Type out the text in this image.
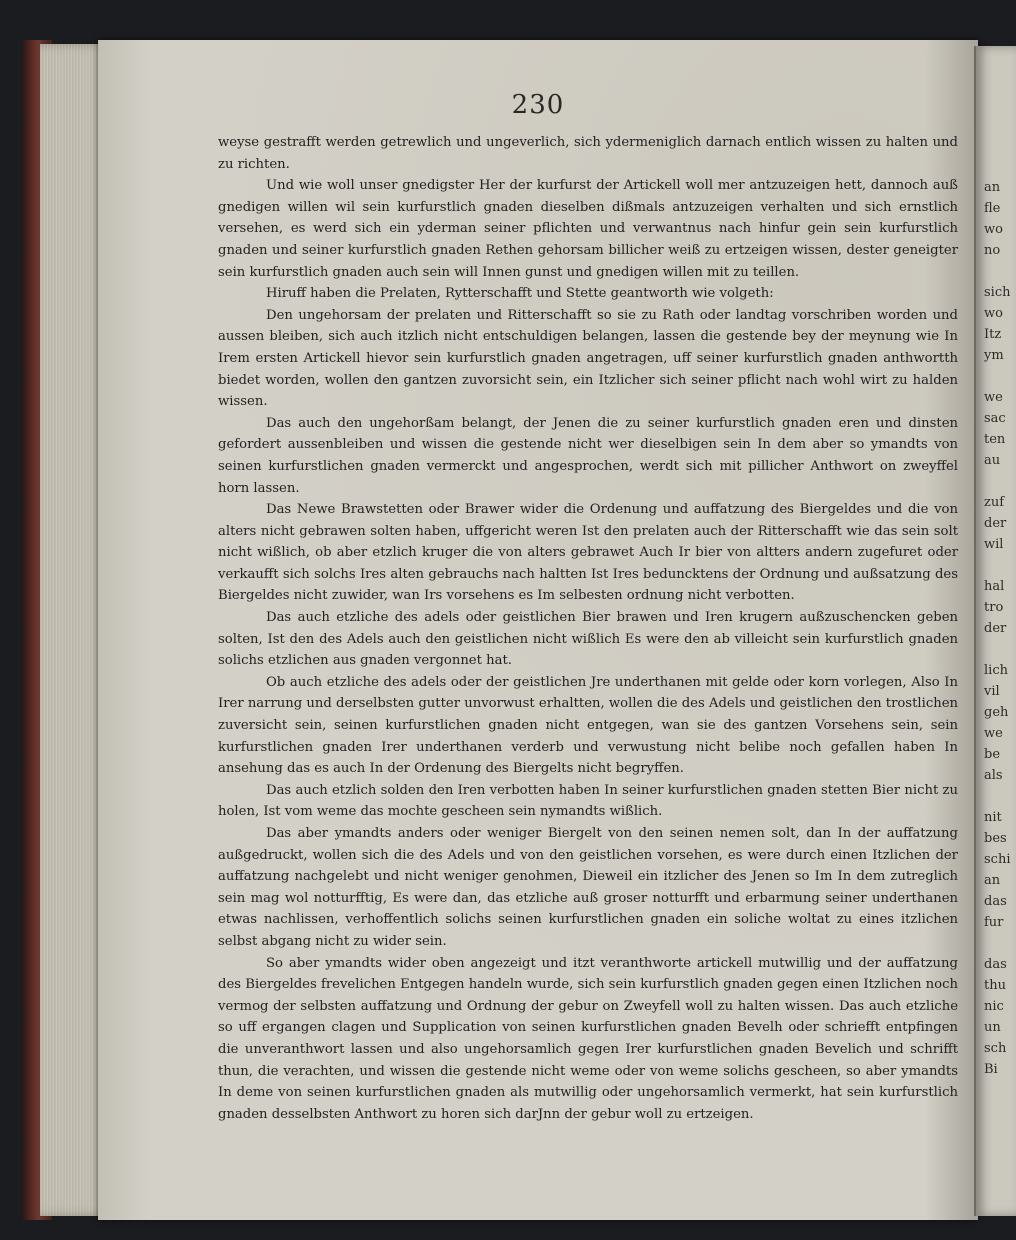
230

weyse gestrafft werden getrewlich und ungeverlich, sich ydermeniglich darnach entlich wissen zu halten und zu richten.

Und wie woll unser gnedigster Her der kurfurst der Artickell woll mer antzuzeigen hett, dannoch auß gnedigen willen wil sein kurfurstlich gnaden dieselben dißmals antzuzeigen verhalten und sich ernstlich versehen, es werd sich ein yderman seiner pflichten und verwantnus nach hinfur gein sein kurfurstlich gnaden und seiner kurfurstlich gnaden Rethen gehorsam billicher weiß zu ertzeigen wissen, dester geneigter sein kurfurstlich gnaden auch sein will Innen gunst und gnedigen willen mit zu teillen.

Hiruff haben die Prelaten, Rytterschafft und Stette geantworth wie volgeth:

Den ungehorsam der prelaten und Ritterschafft so sie zu Rath oder landtag vorschriben worden und aussen bleiben, sich auch itzlich nicht entschuldigen belangen, lassen die gestende bey der meynung wie In Irem ersten Artickell hievor sein kurfurstlich gnaden angetragen, uff seiner kurfurstlich gnaden anthwortth biedet worden, wollen den gantzen zuvorsicht sein, ein Itzlicher sich seiner pflicht nach wohl wirt zu halden wissen.

Das auch den ungehorßam belangt, der Jenen die zu seiner kurfurstlich gnaden eren und dinsten gefordert aussenbleiben und wissen die gestende nicht wer dieselbigen sein In dem aber so ymandts von seinen kurfurstlichen gnaden vermerckt und angesprochen, werdt sich mit pillicher Anthwort on zweyffel horn lassen.

Das Newe Brawstetten oder Brawer wider die Ordenung und auffatzung des Biergeldes und die von alters nicht gebrawen solten haben, uffgericht weren Ist den prelaten auch der Ritterschafft wie das sein solt nicht wißlich, ob aber etzlich kruger die von alters gebrawet Auch Ir bier von altters andern zugefuret oder verkaufft sich solchs Ires alten gebrauchs nach haltten Ist Ires beduncktens der Ordnung und außsatzung des Biergeldes nicht zuwider, wan Irs vorsehens es Im selbesten ordnung nicht verbotten.

Das auch etzliche des adels oder geistlichen Bier brawen und Iren krugern außzuschencken geben solten, Ist den des Adels auch den geistlichen nicht wißlich Es were den ab villeicht sein kurfurstlich gnaden solichs etzlichen aus gnaden vergonnet hat.

Ob auch etzliche des adels oder der geistlichen Jre underthanen mit gelde oder korn vorlegen, Also In Irer narrung und derselbsten gutter unvorwust erhaltten, wollen die des Adels und geistlichen den trostlichen zuversicht sein, seinen kurfurstlichen gnaden nicht entgegen, wan sie des gantzen Vorsehens sein, sein kurfurstlichen gnaden Irer underthanen verderb und verwustung nicht belibe noch gefallen haben In ansehung das es auch In der Ordenung des Biergelts nicht begryffen.

Das auch etzlich solden den Iren verbotten haben In seiner kurfurstlichen gnaden stetten Bier nicht zu holen, Ist vom weme das mochte gescheen sein nymandts wißlich.

Das aber ymandts anders oder weniger Biergelt von den seinen nemen solt, dan In der auffatzung außgedruckt, wollen sich die des Adels und von den geistlichen vorsehen, es were durch einen Itzlichen der auffatzung nachgelebt und nicht weniger genohmen, Dieweil ein itzlicher des Jenen so Im In dem zutreglich sein mag wol notturfftig, Es were dan, das etzliche auß groser notturfft und erbarmung seiner underthanen etwas nachlissen, verhoffentlich solichs seinen kurfurstlichen gnaden ein soliche woltat zu eines itzlichen selbst abgang nicht zu wider sein.

So aber ymandts wider oben angezeigt und itzt veranthworte artickell mutwillig und der auffatzung des Biergeldes frevelichen Entgegen handeln wurde, sich sein kurfurstlich gnaden gegen einen Itzlichen noch vermog der selbsten auffatzung und Ordnung der gebur on Zweyfell woll zu halten wissen. Das auch etzliche so uff ergangen clagen und Supplication von seinen kurfurstlichen gnaden Bevelh oder schriefft entpfingen die unveranthwort lassen und also ungehorsamlich gegen Irer kurfurstlichen gnaden Bevelich und schrifft thun, die verachten, und wissen die gestende nicht weme oder von weme solichs gescheen, so aber ymandts In deme von seinen kurfurstlichen gnaden als mutwillig oder ungehorsamlich vermerkt, hat sein kurfurstlich gnaden desselbsten Anthwort zu horen sich darJnn der gebur woll zu ertzeigen.

an
fle
wo
no
sich
wo
Itz
ym
we
sac
ten
au
zuf
der
wil
hal
tro
der
lich
vil
geh
we
be
als
nit
bes
schi
an
das
fur
das
thu
nic
un
sch
Bi
